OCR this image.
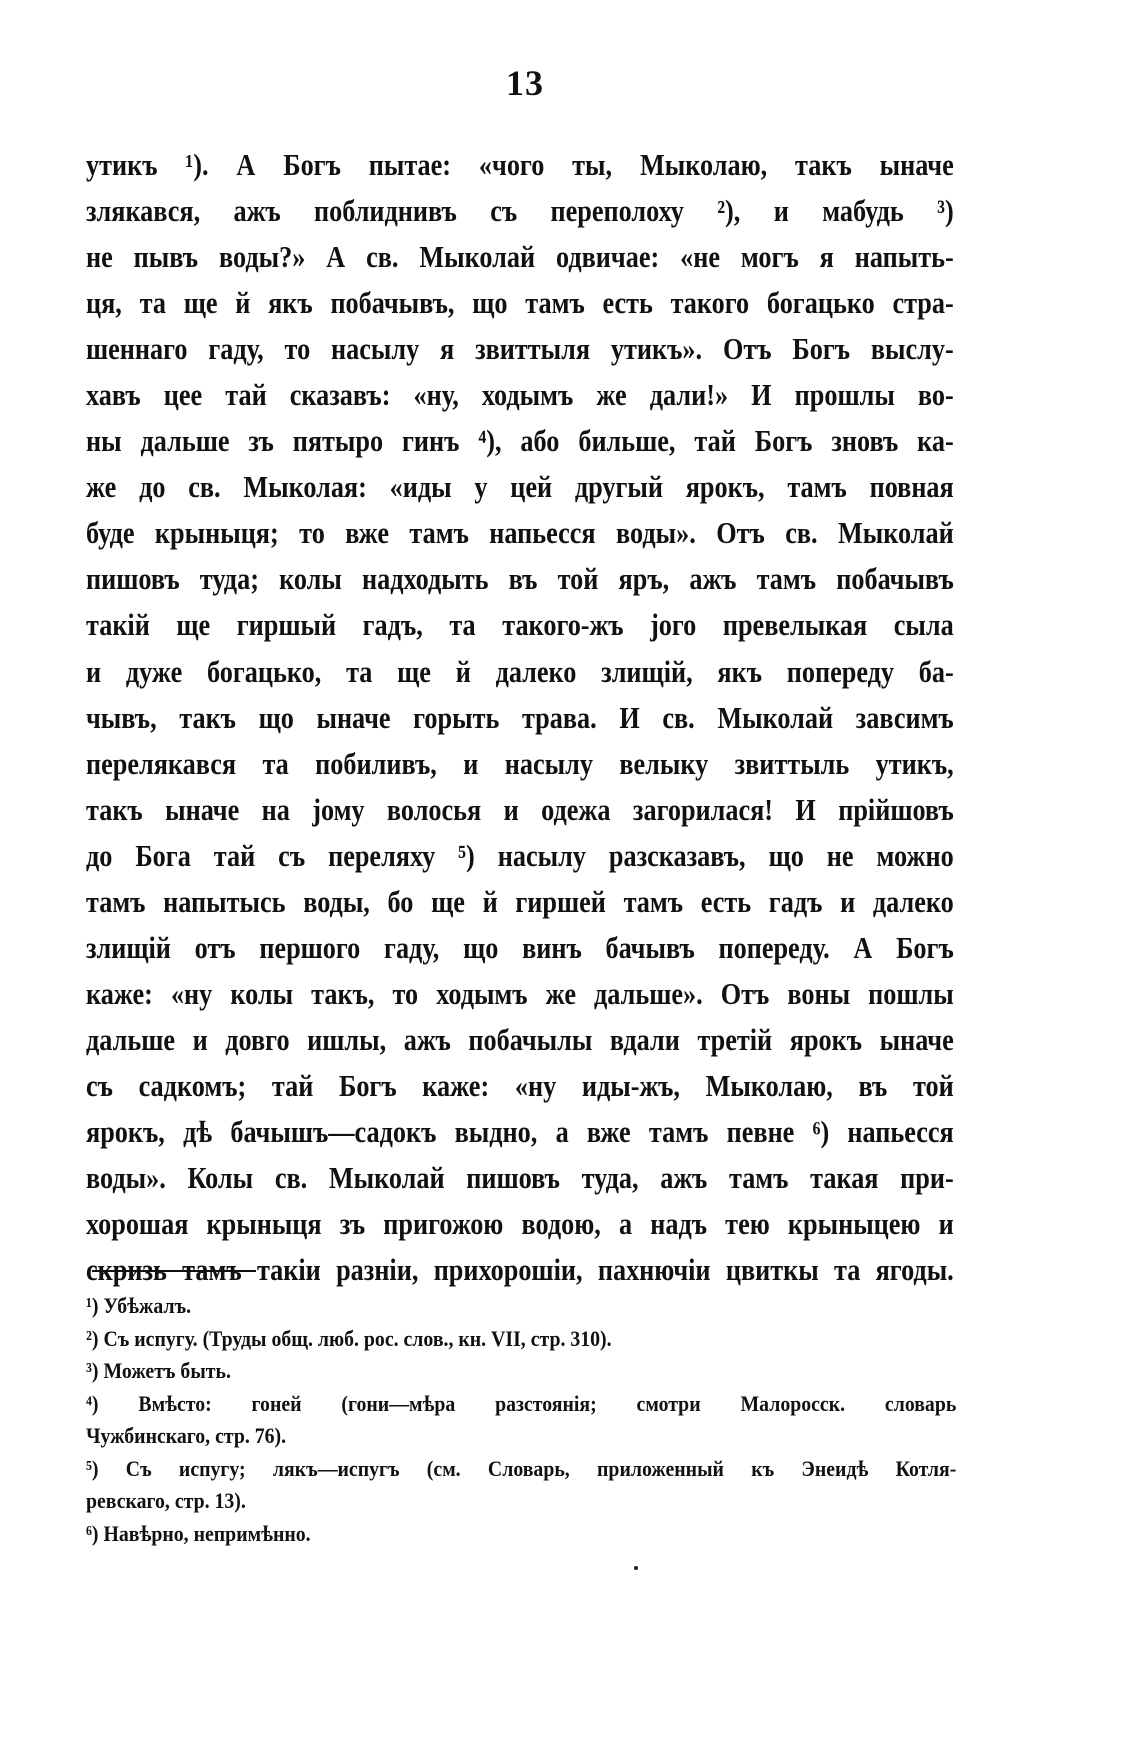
13
утикъ ¹). А Богъ пытае: «чого ты, Мыколаю, такъ ыначе
злякався, ажъ поблиднивъ съ переполоху ²), и мабудь ³)
не пывъ воды?» А св. Мыколай одвичае: «не могъ я напыть-
ця, та ще й якъ побачывъ, що тамъ есть такого богацько стра-
шеннаго гаду, то насылу я звиттыля утикъ». Отъ Богъ выслу-
хавъ цее тай сказавъ: «ну, ходымъ же дали!» И прошлы во-
ны дальше зъ пятыро гинъ ⁴), або бильше, тай Богъ зновъ ка-
же до св. Мыколая: «иды у цей другый ярокъ, тамъ повная
буде крыныця; то вже тамъ напьесся воды». Отъ св. Мыколай
пишовъ туда; колы надходыть въ той яръ, ажъ тамъ побачывъ
такій ще гиршый гадъ, та такого-жъ јого превелыкая сыла
и дуже богацько, та ще й далеко злищій, якъ попереду ба-
чывъ, такъ що ыначе горыть трава. И св. Мыколай завсимъ
перелякався та побиливъ, и насылу велыку звиттыль утикъ,
такъ ыначе на јому волосья и одежа загорилася! И прійшовъ
до Бога тай съ переляху ⁵) насылу разсказавъ, що не можно
тамъ напытысь воды, бо ще й гиршей тамъ есть гадъ и далеко
злищій отъ першого гаду, що винъ бачывъ попереду. А Богъ
каже: «ну колы такъ, то ходымъ же дальше». Отъ воны пошлы
дальше и довго ишлы, ажъ побачылы вдали третій ярокъ ыначе
съ садкомъ; тай Богъ каже: «ну иды-жъ, Мыколаю, въ той
ярокъ, дѣ бачышъ—садокъ выдно, а вже тамъ певне ⁶) напьесся
воды». Колы св. Мыколай пишовъ туда, ажъ тамъ такая при-
хорошая крыныця зъ пригожою водою, а надъ тею крыныцею и
скризь тамъ такіи разніи, прихорошіи, пахнючіи цвиткы та ягоды.
¹) Убѣжалъ.
²) Съ испугу. (Труды общ. люб. рос. слов., кн. VII, стр. 310).
³) Можетъ быть.
⁴) Вмѣсто: гоней (гони—мѣра разстоянія; смотри Малоросск. словарь
Чужбинскаго, стр. 76).
⁵) Съ испугу; лякъ—испугъ (см. Словарь, приложенный къ Энеидѣ Котля-
ревскаго, стр. 13).
⁶) Навѣрно, непримѣнно.
